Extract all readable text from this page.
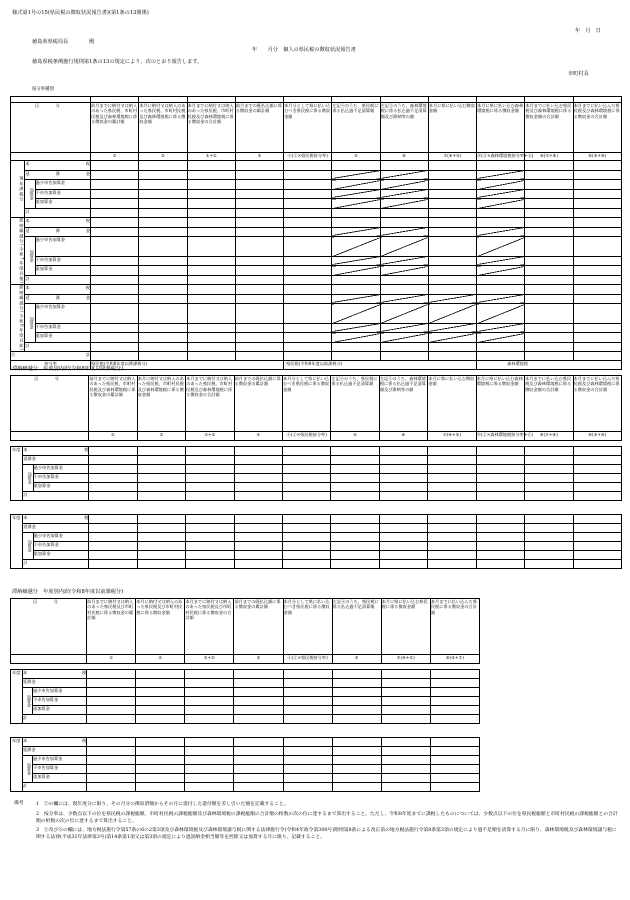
様式第1号の15(県民税の徴収状況報告書)(第1条の13関係)
年　月　日
徳島県県税局長　　　　殿
年　　月分　個人の県民税の徴収状況報告書
徳島県税条例施行規則第1条の13の規定により、次のとおり報告します。
市町村長
按分率種別

区　分			前月までに納付又は納入のあった県民税、市町村民税及び森林環境税に係る徴収金の累計額	本月に納付又は納入のあった県民税、市町村民税及び森林環境税に係る徴収金額	本月までに納付又は納入のあった県民税、市町村民税及び森林環境税に係る徴収金の合計額	前月までの既払込額に係る徴収金の累計額	本月分として県に払い込むべき県民税に係る徴収金額	左記④のうち、県民税に係る払込過不足清算額	左記⑤のうち、森林環境税に係る払込過不足清算額及び滞納等の額	本月に県に払い込む徴収金額	本月に県に払い込む森林環境税に係る徴収金額	本月までに払い込む県民税及び森林環境税に係る徴収金額の合計額	本月までに払い込んだ県民税及び森林環境税に係る徴収金の合計額
			①	②	①+②	③	④(②×県民税按分率)	⑤	⑥	⑦(④+⑤)	⑧(②×森林環境税按分率+⑥)	⑨(⑦+⑧)	⑩(③+⑨)
現年課税分	本　税												
	延滞金												
	加算金	過少申告加算金											
		不申告加算金											
		重加算金											
	計												
滞納繰越分(令和7年度以後)	本　税												
	延滞金												
	加算金	過少申告加算金											
		不申告加算金											
		重加算金											
	計												
滞納繰越分(令和6年度以前)	本　税												
	延滞金												
	加算金	過少申告加算金											
		不申告加算金											
		重加算金											
	計												
合計													
按分率			県民税(令和8年度以降課税分)				県民税(令和8年度以前課税分)				森林環境税		
滞納繰越分　年度別内訳(令和8年度以降課税分)
区　分			前月までに納付又は納入のあった県民税、市町村民税及び森林環境税に係る徴収金の累計額	本月に納付又は納入のあった県民税、市町村民税及び森林環境税に係る徴収金額	本月までに納付又は納入のあった県民税、市町村民税及び森林環境税に係る徴収金の合計額	前月までの既払込額に係る徴収金の累計額	本月分として県に払い込むべき県民税に係る徴収金額	左記④のうち、県民税に係る払込過不足清算額	左記⑤のうち、森林環境税に係る払込過不足清算額及び滞納等の額	本月に県に払い込む徴収金額	本月に県に払い込む森林環境税に係る徴収金額	本月までに払い込む県民税及び森林環境税に係る徴収金額の合計額	本月までに払い込んだ県民税及び森林環境税に係る徴収金の合計額
			①	②	①+②	③	④(②×県民税按分率)	⑤	⑥	⑦(④+⑤)	⑧(②×森林環境税按分率+⑥)	⑨(⑦+⑧)	⑩(③+⑨)

年度	本　税												
	延滞金												
	加算金	過少申告加算金											
		不申告加算金											
		重加算金											
	計												

年度	本　税												
	延滞金												
	加算金	過少申告加算金											
		不申告加算金											
		重加算金											
	計												
滞納繰越分　年度別内訳(令和8年度以前課税分)
区　分			前月までに納付又は納入のあった県民税及び市町村民税に係る徴収金の累計額	本月に納付又は納入のあった県民税及び市町村民税に係る徴収金額	本月までに納付又は納入のあった県民税及び市町村民税に係る徴収金の合計額	前月までの既払込額に係る徴収金の累計額	本月分として県に払い込むべき県民税に係る徴収金額	左記④のうち、県民税に係る払込過不足清算額	本月に県に払い込む県民税に係る徴収金額	本月までに払い込んだ県民税に係る徴収金の合計額
			①	②	①+②	③	④(②×県民税按分率)	⑤	⑦(④+⑤)	⑩(③+⑦)

年度	本　税									
	延滞金									
	加算金	過少申告加算金								
		不申告加算金								
		重加算金								
	計									

年度	本　税									
	延滞金									
	加算金	過少申告加算金								
		不申告加算金								
		重加算金								
	計									
備考	1　②の欄には、現年度分に限り、その月分の徴収済額からその月に還付した還付額を差し引いた額を記載すること。
2　按分率は、少数点以下の位を県民税の課税総額、市町村民税の課税総額及び森林環境税の課税総額の合計額の桁数の次の位に達するまで算出すること。ただし、令和8年度までに課税したものについては、少数点以下の位を県民税総額と市町村民税の課税総額との合計額の桁数の次の位に達するまで算出すること。
3　⑤及び⑥の欄には、地方税法施行令第57条の6の2第3項及び森林環境税及び森林環境譲与税に関する法律施行令(令和4年政令第300号)附則第8条による改正前の地方税法施行令第8条第3項の規定により過不足額を清算する月に限り、森林環境税及び森林環境譲与税に関する法律(平成31年法律第3号)第14条第1項又は第3項の規定により過誤納金相当額等を控除又は加算する月に限り、記載すること。
